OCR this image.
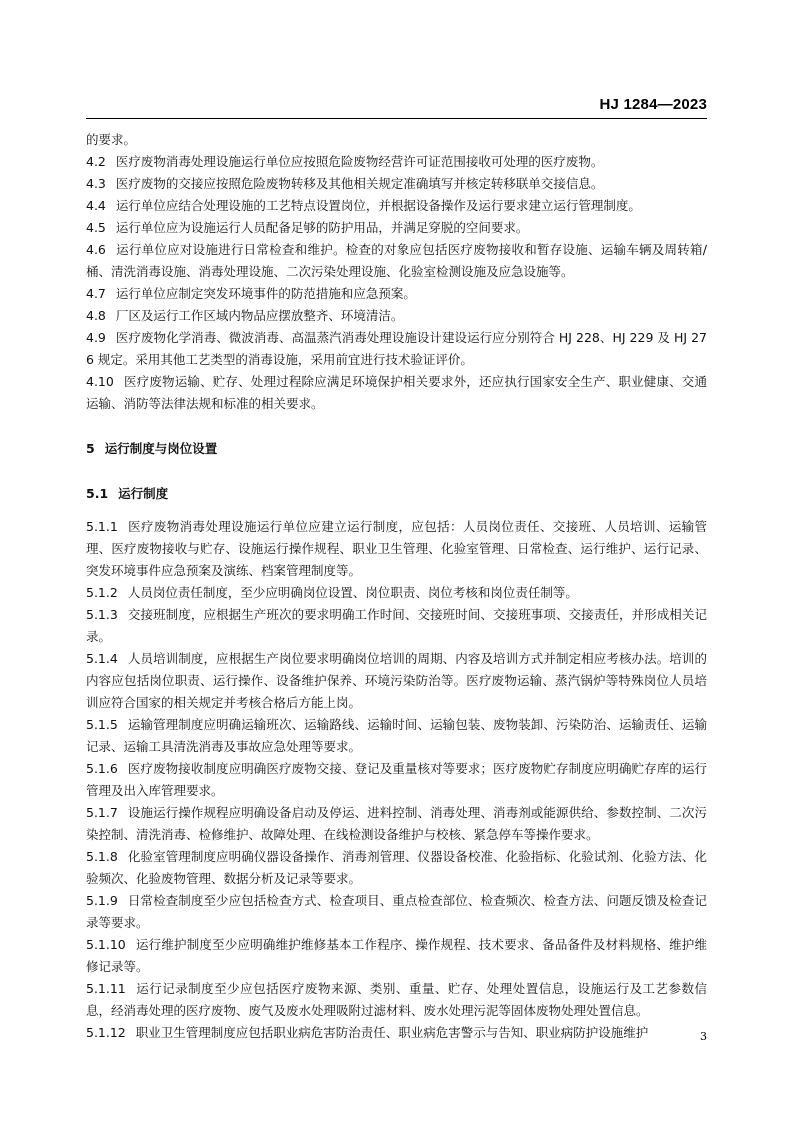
HJ 1284—2023

的要求。

4.2 医疗废物消毒处理设施运行单位应按照危险废物经营许可证范围接收可处理的医疗废物。

4.3 医疗废物的交接应按照危险废物转移及其他相关规定准确填写并核定转移联单交接信息。

4.4 运行单位应结合处理设施的工艺特点设置岗位，并根据设备操作及运行要求建立运行管理制度。

4.5 运行单位应为设施运行人员配备足够的防护用品，并满足穿脱的空间要求。

4.6 运行单位应对设施进行日常检查和维护。检查的对象应包括医疗废物接收和暂存设施、运输车辆及周转箱/桶、清洗消毒设施、消毒处理设施、二次污染处理设施、化验室检测设施及应急设施等。

4.7 运行单位应制定突发环境事件的防范措施和应急预案。

4.8 厂区及运行工作区域内物品应摆放整齐、环境清洁。

4.9 医疗废物化学消毒、微波消毒、高温蒸汽消毒处理设施设计建设运行应分别符合 HJ 228、HJ 229 及 HJ 276 规定。采用其他工艺类型的消毒设施，采用前宜进行技术验证评价。

4.10 医疗废物运输、贮存、处理过程除应满足环境保护相关要求外，还应执行国家安全生产、职业健康、交通运输、消防等法律法规和标准的相关要求。

5 运行制度与岗位设置

5.1 运行制度

5.1.1 医疗废物消毒处理设施运行单位应建立运行制度，应包括：人员岗位责任、交接班、人员培训、运输管理、医疗废物接收与贮存、设施运行操作规程、职业卫生管理、化验室管理、日常检查、运行维护、运行记录、突发环境事件应急预案及演练、档案管理制度等。

5.1.2 人员岗位责任制度，至少应明确岗位设置、岗位职责、岗位考核和岗位责任制等。

5.1.3 交接班制度，应根据生产班次的要求明确工作时间、交接班时间、交接班事项、交接责任，并形成相关记录。

5.1.4 人员培训制度，应根据生产岗位要求明确岗位培训的周期、内容及培训方式并制定相应考核办法。培训的内容应包括岗位职责、运行操作、设备维护保养、环境污染防治等。医疗废物运输、蒸汽锅炉等特殊岗位人员培训应符合国家的相关规定并考核合格后方能上岗。

5.1.5 运输管理制度应明确运输班次、运输路线、运输时间、运输包装、废物装卸、污染防治、运输责任、运输记录、运输工具清洗消毒及事故应急处理等要求。

5.1.6 医疗废物接收制度应明确医疗废物交接、登记及重量核对等要求；医疗废物贮存制度应明确贮存库的运行管理及出入库管理要求。

5.1.7 设施运行操作规程应明确设备启动及停运、进料控制、消毒处理、消毒剂或能源供给、参数控制、二次污染控制、清洗消毒、检修维护、故障处理、在线检测设备维护与校核、紧急停车等操作要求。

5.1.8 化验室管理制度应明确仪器设备操作、消毒剂管理、仪器设备校准、化验指标、化验试剂、化验方法、化验频次、化验废物管理、数据分析及记录等要求。

5.1.9 日常检查制度至少应包括检查方式、检查项目、重点检查部位、检查频次、检查方法、问题反馈及检查记录等要求。

5.1.10 运行维护制度至少应明确维护维修基本工作程序、操作规程、技术要求、备品备件及材料规格、维护维修记录等。

5.1.11 运行记录制度至少应包括医疗废物来源、类别、重量、贮存、处理处置信息，设施运行及工艺参数信息，经消毒处理的医疗废物、废气及废水处理吸附过滤材料、废水处理污泥等固体废物处理处置信息。

5.1.12 职业卫生管理制度应包括职业病危害防治责任、职业病危害警示与告知、职业病防护设施维护	3
